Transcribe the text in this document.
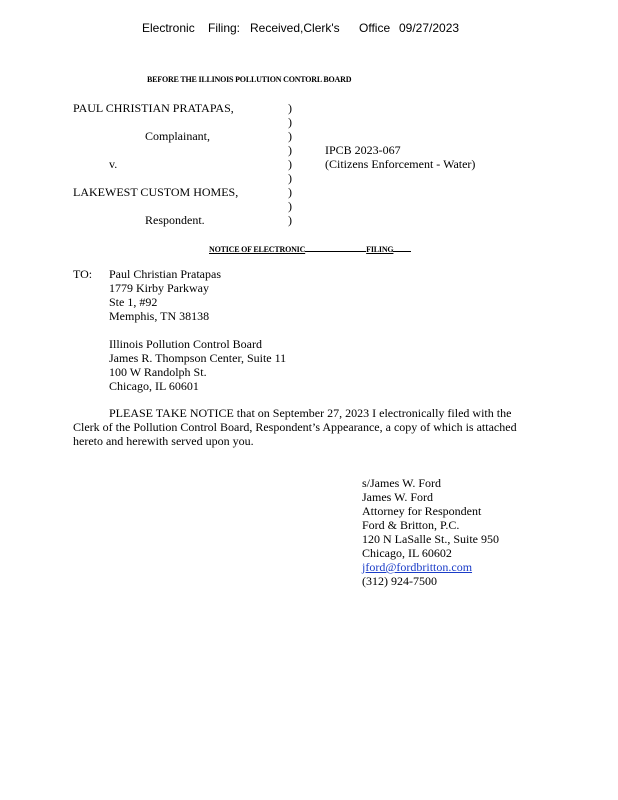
Electronic Filing: Received,Clerk's Office 09/27/2023
BEFORE THE ILLINOIS POLLUTION CONTORL BOARD
PAUL CHRISTIAN PRATAPAS,
Complainant,
v.
LAKEWEST CUSTOM HOMES,
Respondent.
)
)
)
)
)
)
)
)
)
IPCB 2023-067
(Citizens Enforcement - Water)
NOTICE OF ELECTRONIC	FILING
TO: Paul Christian Pratapas
1779 Kirby Parkway
Ste 1, #92
Memphis, TN 38138
Illinois Pollution Control Board
James R. Thompson Center, Suite 11
100 W Randolph St.
Chicago, IL 60601
PLEASE TAKE NOTICE that on September 27, 2023 I electronically filed with the
Clerk of the Pollution Control Board, Respondent’s Appearance, a copy of which is attached
hereto and herewith served upon you.
s/James W. Ford
James W. Ford
Attorney for Respondent
Ford & Britton, P.C.
120 N LaSalle St., Suite 950
Chicago, IL 60602
jford@fordbritton.com
(312) 924-7500
